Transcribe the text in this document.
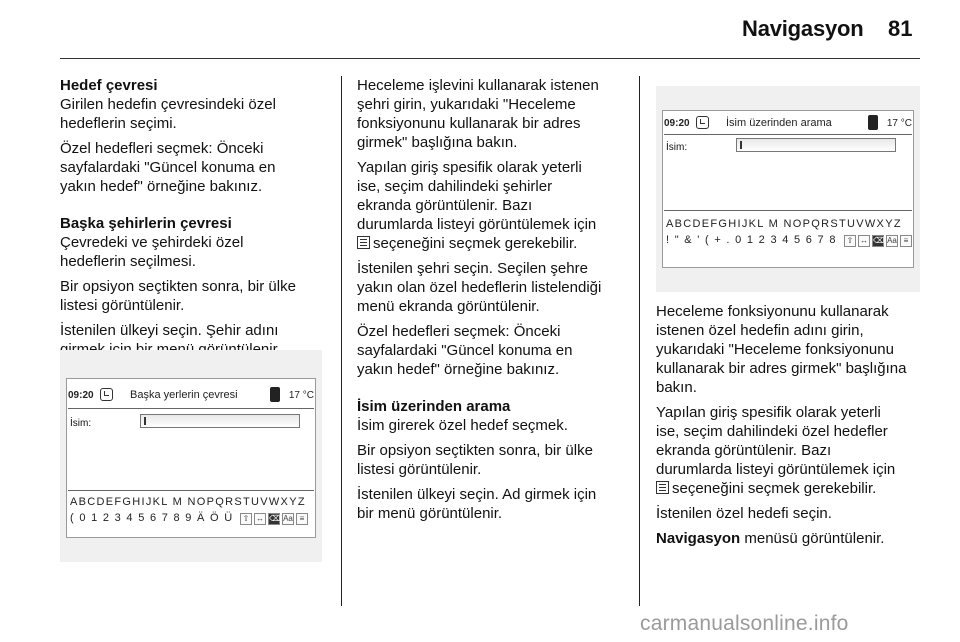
Navigasyon 81
Hedef çevresi

Girilen hedefin çevresindeki özel
hedeflerin seçimi.

Özel hedefleri seçmek: Önceki
sayfalardaki "Güncel konuma en
yakın hedef" örneğine bakınız.

Başka şehirlerin çevresi

Çevredeki ve şehirdeki özel
hedeflerin seçilmesi.

Bir opsiyon seçtikten sonra, bir ülke
listesi görüntülenir.

İstenilen ülkeyi seçin. Şehir adını

09:20	Başka yerlerin çevresi	17 °C
İsim:
ABCDEFGHIJKL M NOPQRSTUVWXYZ
( 0 1 2 3 4 5 6 7 8 9 Ä Ö Ü	⇧ ↔ ⌫ Aa ≡

Heceleme işlevini kullanarak istenen
şehri girin, yukarıdaki "Heceleme
fonksiyonunu kullanarak bir adres
girmek" başlığına bakın.

Yapılan giriş spesifik olarak yeterli
ise, seçim dahilindeki şehirler
ekranda görüntülenir. Bazı
durumlarda listeyi görüntülemek için
seçeneğini seçmek gerekebilir.

İstenilen şehri seçin. Seçilen şehre
yakın olan özel hedeflerin listelendiği
menü ekranda görüntülenir.

Özel hedefleri seçmek: Önceki
sayfalardaki "Güncel konuma en
yakın hedef" örneğine bakınız.

İsim üzerinden arama

İsim girerek özel hedef seçmek.

Bir opsiyon seçtikten sonra, bir ülke
listesi görüntülenir.

İstenilen ülkeyi seçin. Ad girmek için
bir menü görüntülenir.

09:20	İsim üzerinden arama	17 °C
İsim:
ABCDEFGHIJKL M NOPQRSTUVWXYZ
! " & ' ( + . 0 1 2 3 4 5 6 7 8	⇧ ↔ ⌫ Aa ≡

Heceleme fonksiyonunu kullanarak
istenen özel hedefin adını girin,
yukarıdaki "Heceleme fonksiyonunu
kullanarak bir adres girmek" başlığına
bakın.

Yapılan giriş spesifik olarak yeterli
ise, seçim dahilindeki özel hedefler
ekranda görüntülenir. Bazı
durumlarda listeyi görüntülemek için
seçeneğini seçmek gerekebilir.

İstenilen özel hedefi seçin.

Navigasyon menüsü görüntülenir.

carmanualsonline.info
